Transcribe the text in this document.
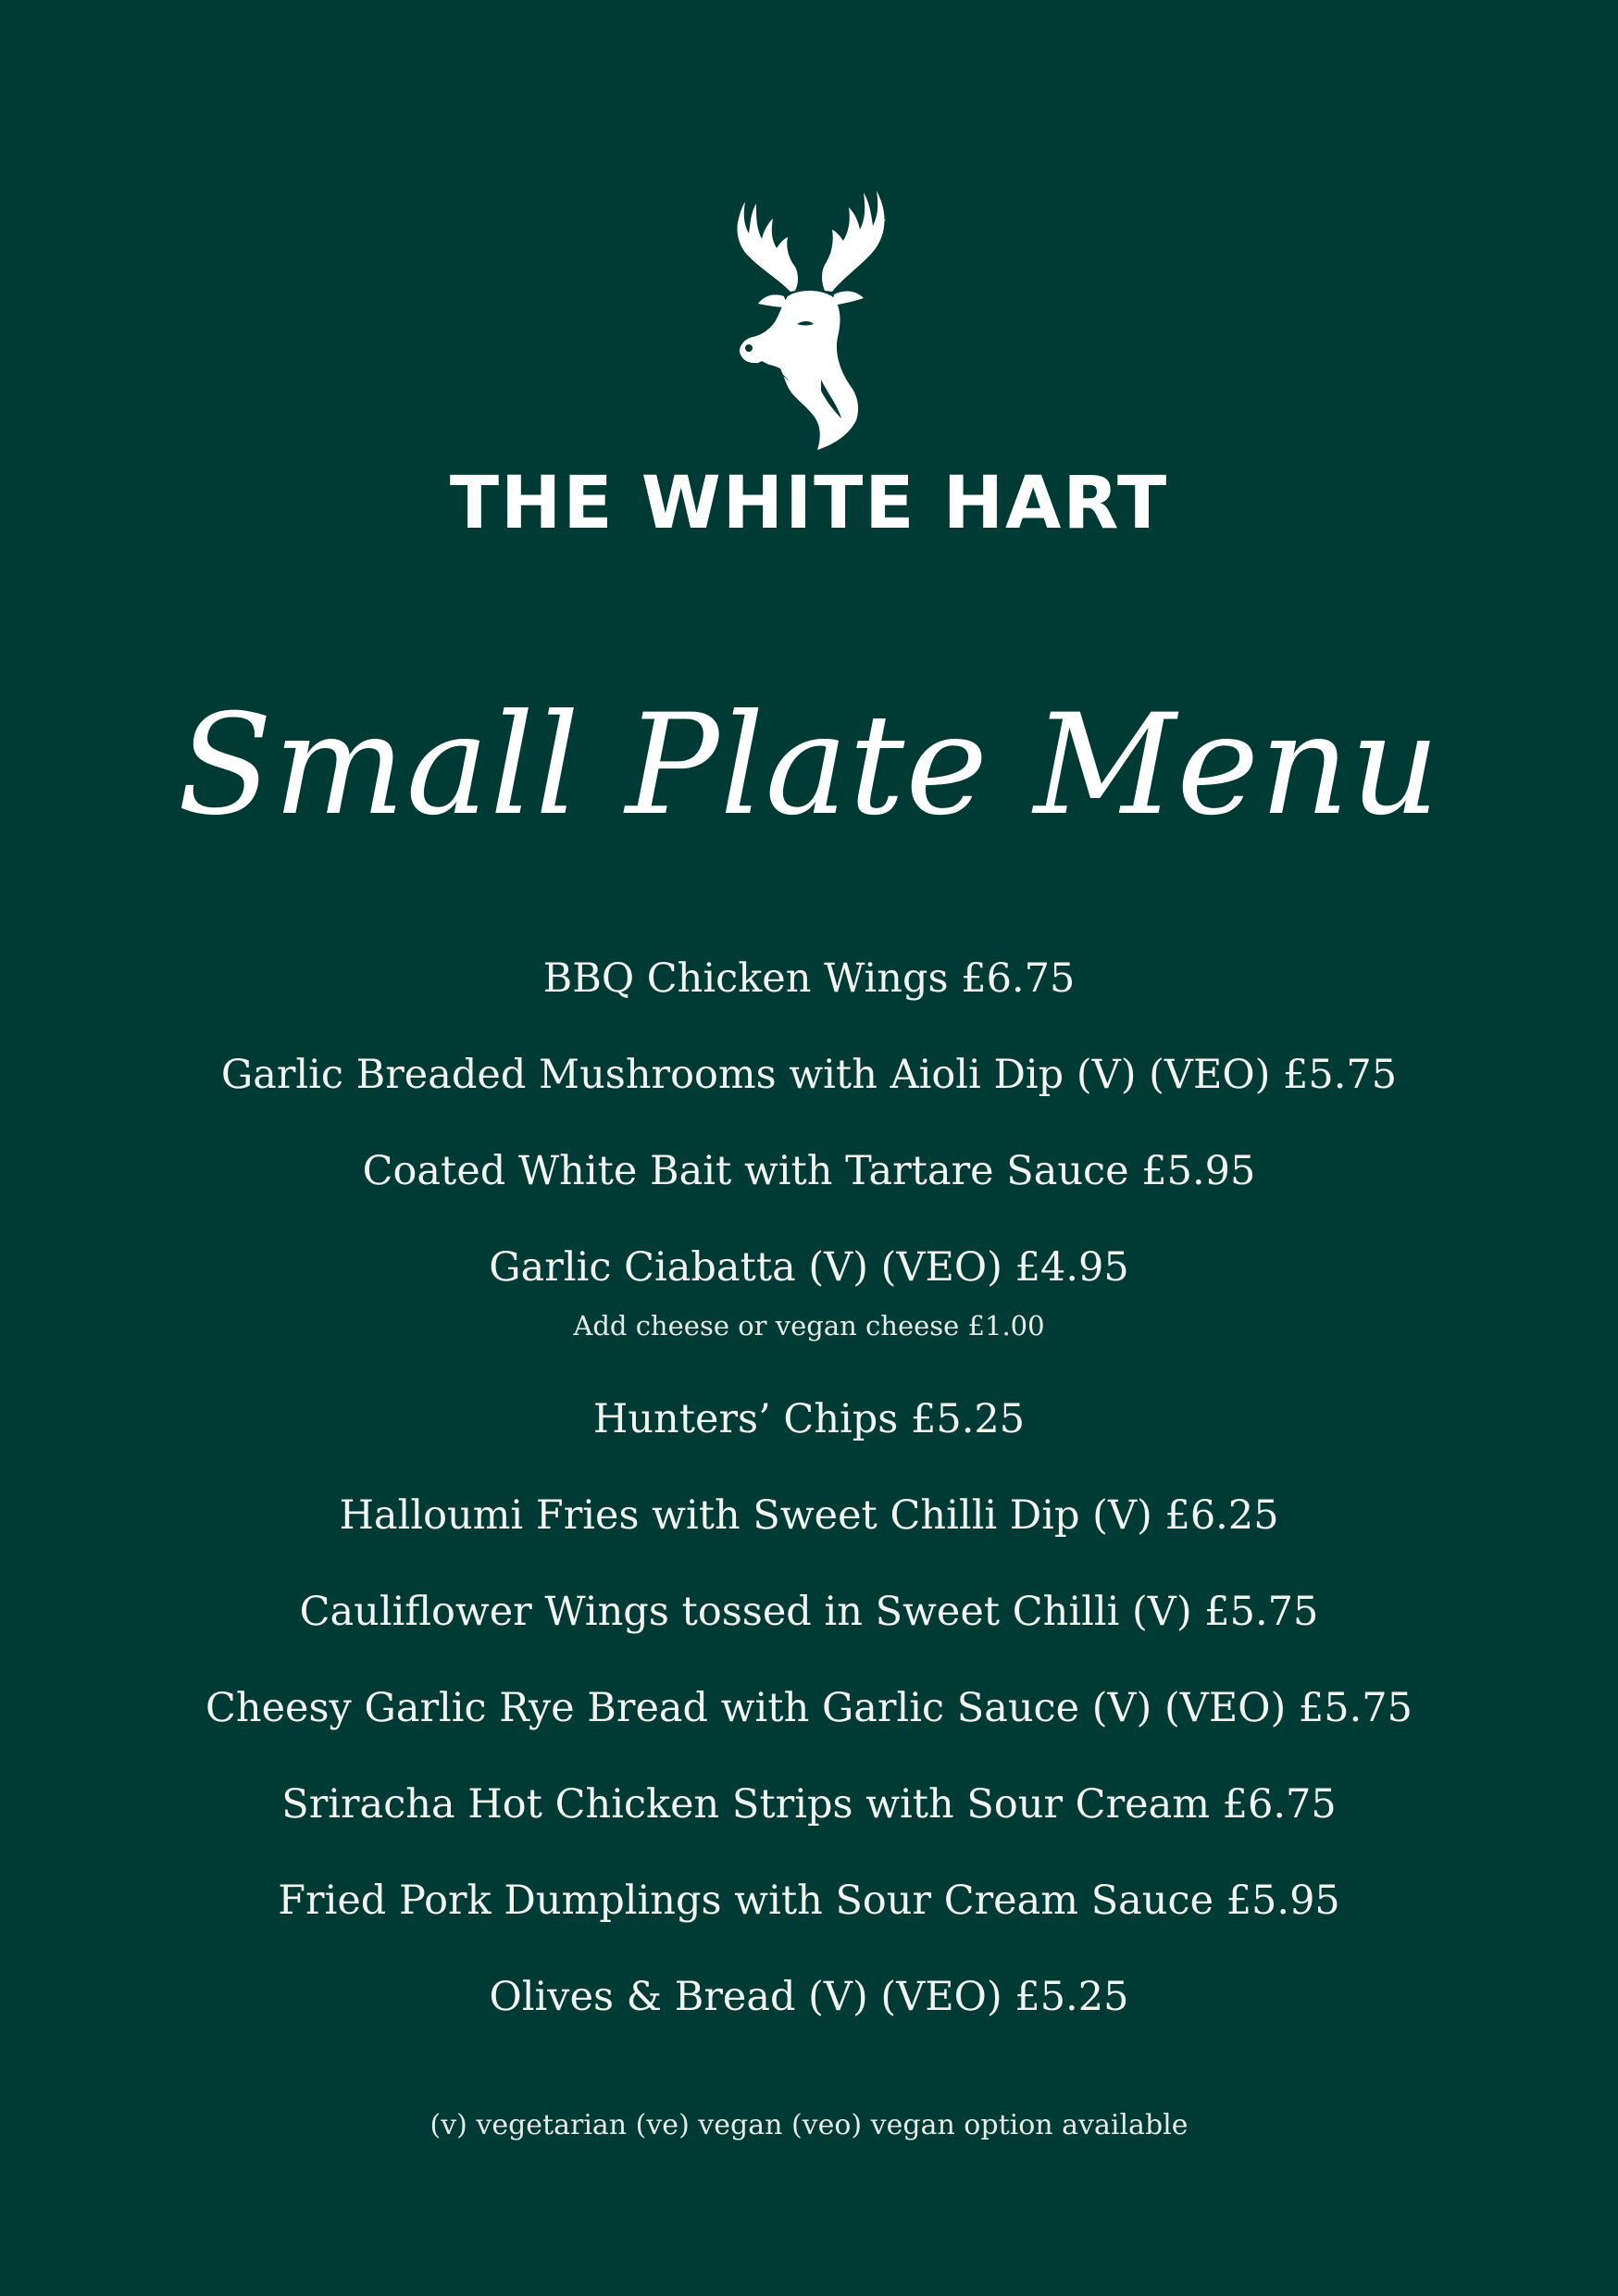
THE WHITE HART
Small Plate Menu
BBQ Chicken Wings £6.75
Garlic Breaded Mushrooms with Aioli Dip (V) (VEO) £5.75
Coated White Bait with Tartare Sauce £5.95
Garlic Ciabatta (V) (VEO) £4.95
Add cheese or vegan cheese £1.00
Hunters’ Chips £5.25
Halloumi Fries with Sweet Chilli Dip (V) £6.25
Cauliflower Wings tossed in Sweet Chilli (V) £5.75
Cheesy Garlic Rye Bread with Garlic Sauce (V) (VEO) £5.75
Sriracha Hot Chicken Strips with Sour Cream £6.75
Fried Pork Dumplings with Sour Cream Sauce £5.95
Olives & Bread (V) (VEO) £5.25
(v) vegetarian (ve) vegan (veo) vegan option available
